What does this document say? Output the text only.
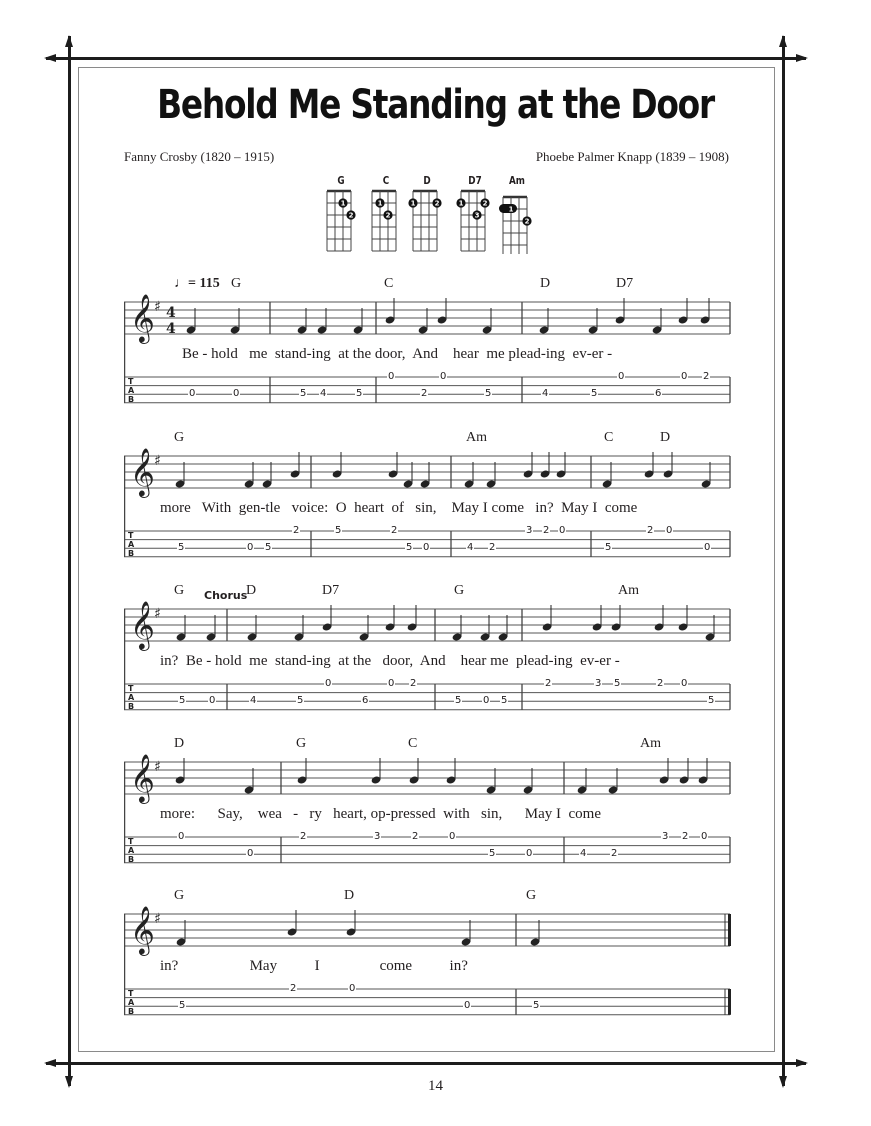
Behold Me Standing at the Door
Fanny Crosby (1820 – 1915)	Phoebe Palmer Knapp (1839 – 1908)
G
1
2
C
1
2
D
1	2
D7
1	2
3
Am
1
2
𝄞 ♯ 4
4
T
A
B
G	C	D	D7
Be - hold   me  stand-ing  at the door,  And    hear  me plead-ing  ev-er -
0	0	5 4	5
0
2
0
5	4	5
0
6
0 2
♩= 115
𝄞 ♯
T
A
B
G	Am	C	D
more   With  gen-tle   voice:  O  heart  of   sin,    May I come   in?  May I  come
5	0 5
2	5	2
5 0	4 2
3 2 0
5
2 0
0
𝄞 ♯
T
A
B
G	D	D7	G	Am
in?  Be - hold  me  stand-ing  at the   door,  And    hear me  plead-ing  ev-er -
5 0	4	5
0
6
0 2
5 0 5
2	3 5	2 0
5
Chorus
𝄞 ♯
T
A
B
D	G	C	Am
more:      Say,    wea   -   ry   heart, op-pressed  with   sin,      May I  come
0
0
2	3	2	0
5	0	4 2
3 2 0
𝄞 ♯
T
A
B
G	D	G
in?                   May          I                come          in?
5
2	0
0	5
14
